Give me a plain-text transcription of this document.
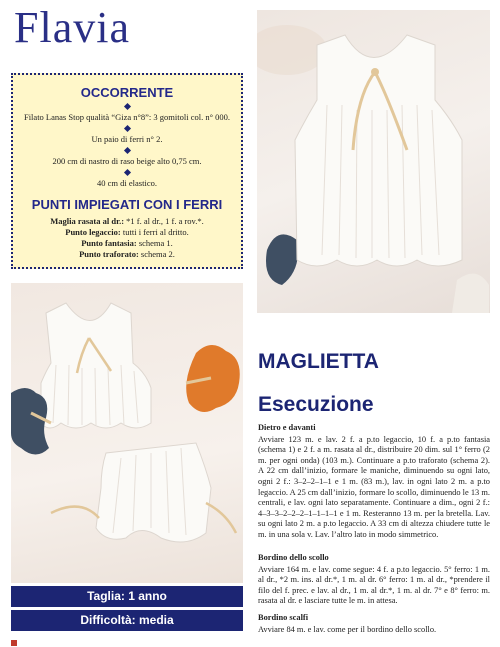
Flavia
OCCORRENTE
Filato Lanas Stop qualità “Giza n°8”: 3 gomitoli col. n° 000.
Un paio di ferri n° 2.
200 cm di nastro di raso beige alto 0,75 cm.
40 cm di elastico.
PUNTI IMPIEGATI CON I FERRI
Maglia rasata al dr.: *1 f. al dr., 1 f. a rov.*.
Punto legaccio: tutti i ferri al dritto.
Punto fantasia: schema 1.
Punto traforato: schema 2.
Taglia: 1 anno
Difficoltà: media
MAGLIETTA
Esecuzione
Dietro e davanti
Avviare 123 m. e lav. 2 f. a p.to legaccio, 10 f. a p.to fantasia (schema 1) e 2 f. a m. rasata al dr., distribuire 20 dim. sul 1° ferro (2 m. per ogni onda) (103 m.). Continuare a p.to traforato (schema 2). A 22 cm dall’inizio, formare le maniche, diminuendo su ogni lato, ogni 2 f.: 3–2–2–1–1 e 1 m. (83 m.), lav. in ogni lato 2 m. a p.to legaccio. A 25 cm dall’inizio, formare lo scollo, diminuendo le 13 m. centrali, e lav. ogni lato separatamente. Continuare a dim., ogni 2 f.: 4–3–3–2–2–2–1–1–1–1 e 1 m. Resteranno 13 m. per la bretella. Lav. su ogni lato 2 m. a p.to legaccio. A 33 cm di altezza chiudere tutte le m. in una sola v. Lav. l’altro lato in modo simmetrico.
Bordino dello scollo
Avviare 164 m. e lav. come segue: 4 f. a p.to legaccio. 5° ferro: 1 m. al dr., *2 m. ins. al dr.*, 1 m. al dr. 6° ferro: 1 m. al dr., *prendere il filo del f. prec. e lav. al dr., 1 m. al dr.*, 1 m. al dr. 7° e 8° ferro: m. rasata al dr. e lasciare tutte le m. in attesa.
Bordino scalfi
Avviare 84 m. e lav. come per il bordino dello scollo.
